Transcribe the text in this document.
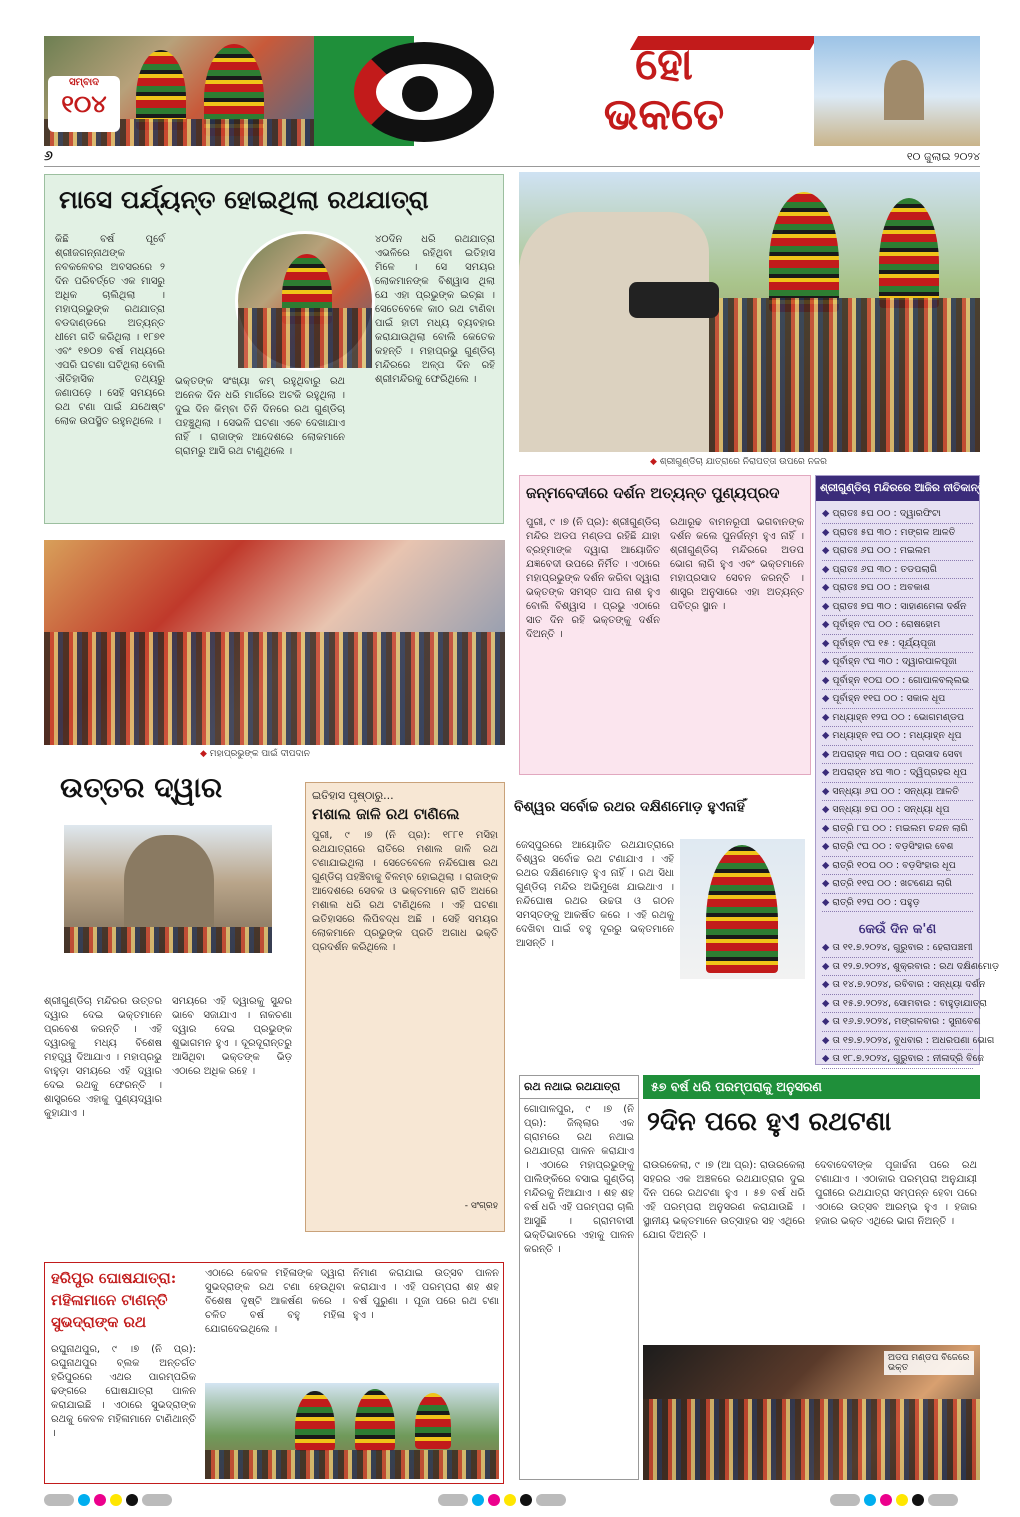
ସମ୍ବାଦ
୧୦୪
ହୋ
ଭକତେ
୬	୧୦ ଜୁଲାଇ ୨୦୨୪
ମାସେ ପର୍ଯ୍ୟନ୍ତ ହୋଇଥିଲା ରଥଯାତ୍ରା
କିଛି ବର୍ଷ ପୂର୍ବେ ଶ୍ରୀଜଗନ୍ନାଥଙ୍କ ନବକଳେବର ଅବସରରେ ୨ ଦିନ ପରିବର୍ତ୍ତେ ଏକ ମାସରୁ ଅଧିକ ଚାଲିଥିଲା । ମହାପ୍ରଭୁଙ୍କ ରଥଯାତ୍ରା ବଡଦାଣ୍ଡରେ ଅତ୍ୟନ୍ତ ଧୀମେ ଗତି କରିଥିଲା । ୧୮୭୧ ଏବଂ ୧୭୦୭ ବର୍ଷ ମଧ୍ୟରେ ଏପରି ଘଟଣା ଘଟିଥିଲା ବୋଲି ଐତିହାସିକ ତଥ୍ୟରୁ ଜଣାପଡ଼େ । ସେହି ସମୟରେ ରଥ ଟଣା ପାଇଁ ଯଥେଷ୍ଟ ଲୋକ ଉପସ୍ଥିତ ରହୁନଥିଲେ ।
ଭକ୍ତଙ୍କ ସଂଖ୍ୟା କମ୍ ରହୁଥିବାରୁ ରଥ ଅନେକ ଦିନ ଧରି ମାର୍ଗରେ ଅଟକି ରହୁଥିଲା । ଦୁଇ ଦିନ କିମ୍ବା ତିନି ଦିନରେ ରଥ ଗୁଣ୍ଡିଚା ପହଞ୍ଚୁଥିଲା । ସେଭଳି ଘଟଣା ଏବେ ଦେଖାଯାଏ ନାହିଁ । ରାଜାଙ୍କ ଆଦେଶରେ ଲୋକମାନେ ଗ୍ରାମରୁ ଆସି ରଥ ଟାଣୁଥିଲେ ।
୪୦ଦିନ ଧରି ରଥଯାତ୍ରା ଏଭଳିରେ ରହିଥିବା ଇତିହାସ ମିଳେ । ସେ ସମୟର ଲୋକମାନଙ୍କ ବିଶ୍ୱାସ ଥିଲା ଯେ ଏହା ପ୍ରଭୁଙ୍କ ଇଚ୍ଛା । ସେତେବେଳେ କାଠ ରଥ ଟାଣିବା ପାଇଁ ହାତୀ ମଧ୍ୟ ବ୍ୟବହାର କରାଯାଉଥିଲା ବୋଲି କେତେକ କହନ୍ତି । ମହାପ୍ରଭୁ ଗୁଣ୍ଡିଚା ମନ୍ଦିରରେ ଅଳ୍ପ ଦିନ ରହି ଶ୍ରୀମନ୍ଦିରକୁ ଫେରିଥିଲେ ।
◆ ଶ୍ରୀଗୁଣ୍ଡିଚା ଯାତ୍ରାରେ ନିରାପତ୍ତା ଉପରେ ନଜର
◆ ମହାପ୍ରଭୁଙ୍କ ପାଇଁ ଦୀପଦାନ
ଜନ୍ମବେଦୀରେ ଦର୍ଶନ ଅତ୍ୟନ୍ତ ପୁଣ୍ୟପ୍ରଦ
ପୁରୀ, ୯ ।୭ (ନି ପ୍ର): ଶ୍ରୀଗୁଣ୍ଡିଚା ମନ୍ଦିର ଅଡପ ମଣ୍ଡପ ରହିଛି ଯାହା ବ୍ରହ୍ମାଙ୍କ ଦ୍ୱାରା ଆୟୋଜିତ ଯଜ୍ଞବେଦୀ ଉପରେ ନିର୍ମିତ । ଏଠାରେ ମହାପ୍ରଭୁଙ୍କ ଦର୍ଶନ କରିବା ଦ୍ୱାରା ଭକ୍ତଙ୍କ ସମସ୍ତ ପାପ ନାଶ ହୁଏ ବୋଲି ବିଶ୍ୱାସ । ପ୍ରଭୁ ଏଠାରେ ସାତ ଦିନ ରହି ଭକ୍ତଙ୍କୁ ଦର୍ଶନ ଦିଅନ୍ତି ।
ରଥାରୂଢ ବାମନରୂପୀ ଭଗବାନଙ୍କ ଦର୍ଶନ କଲେ ପୁନର୍ଜନ୍ମ ହୁଏ ନାହିଁ । ଶ୍ରୀଗୁଣ୍ଡିଚା ମନ୍ଦିରରେ ଅଡପ ଭୋଗ ଲାଗି ହୁଏ ଏବଂ ଭକ୍ତମାନେ ମହାପ୍ରସାଦ ସେବନ କରନ୍ତି । ଶାସ୍ତ୍ର ଅନୁସାରେ ଏହା ଅତ୍ୟନ୍ତ ପବିତ୍ର ସ୍ଥାନ ।
ଶ୍ରୀଗୁଣ୍ଡିଚା ମନ୍ଦିରରେ ଆଜିର ନୀତିକାନ୍ତି
◆ ପ୍ରାତଃ ୫ଘ ୦୦ : ଦ୍ୱାରଫିଟା
◆ ପ୍ରାତଃ ୫ଘ ୩୦ : ମଙ୍ଗଳ ଆଳତି
◆ ପ୍ରାତଃ ୬ଘ ୦୦ : ମଇଲମ
◆ ପ୍ରାତଃ ୬ଘ ୩୦ : ତଡପଲାଗି
◆ ପ୍ରାତଃ ୭ଘ ୦୦ : ଅବକାଶ
◆ ପ୍ରାତଃ ୭ଘ ୩୦ : ସାହାଣମେଳା ଦର୍ଶନ
◆ ପୂର୍ବାହ୍ନ ୯ଘ ୦୦ : ରୋଷହୋମ
◆ ପୂର୍ବାହ୍ନ ୯ଘ ୧୫ : ସୂର୍ଯ୍ୟପୂଜା
◆ ପୂର୍ବାହ୍ନ ୯ଘ ୩୦ : ଦ୍ୱାରପାଳପୂଜା
◆ ପୂର୍ବାହ୍ନ ୧୦ଘ ୦୦ : ଗୋପାଳବଲ୍ଲଭ
◆ ପୂର୍ବାହ୍ନ ୧୧ଘ ୦୦ : ସକାଳ ଧୂପ
◆ ମଧ୍ୟାହ୍ନ ୧୨ଘ ୦୦ : ଭୋଗମଣ୍ଡପ
◆ ମଧ୍ୟାହ୍ନ ୧ଘ ୦୦ : ମଧ୍ୟାହ୍ନ ଧୂପ
◆ ଅପରାହ୍ନ ୩ଘ ୦୦ : ପ୍ରସାଦ ସେବା
◆ ଅପରାହ୍ନ ୪ଘ ୩୦ : ଦ୍ୱିପ୍ରହର ଧୂପ
◆ ସନ୍ଧ୍ୟା ୬ଘ ୦୦ : ସନ୍ଧ୍ୟା ଆଳତି
◆ ସନ୍ଧ୍ୟା ୭ଘ ୦୦ : ସନ୍ଧ୍ୟା ଧୂପ
◆ ରାତ୍ରି ୮ଘ ୦୦ : ମଇଲମ ଚନ୍ଦନ ଲାଗି
◆ ରାତ୍ରି ୯ଘ ୦୦ : ବଡ଼ସିଂହାର ବେଶ
◆ ରାତ୍ରି ୧୦ଘ ୦୦ : ବଡ଼ସିଂହାର ଧୂପ
◆ ରାତ୍ରି ୧୧ଘ ୦୦ : ଖଟଶେଯ ଲାଗି
◆ ରାତ୍ରି ୧୨ଘ ୦୦ : ପହୁଡ଼
କେଉଁ ଦିନ କ'ଣ
◆ ତା ୧୧.୭.୨୦୨୪, ଗୁରୁବାର : ହେରାପଞ୍ଚମୀ
◆ ତା ୧୨.୭.୨୦୨୪, ଶୁକ୍ରବାର : ରଥ ଦକ୍ଷିଣମୋଡ଼
◆ ତା ୧୪.୭.୨୦୨୪, ରବିବାର : ସନ୍ଧ୍ୟା ଦର୍ଶନ
◆ ତା ୧୫.୭.୨୦୨୪, ସୋମବାର : ବାହୁଡ଼ାଯାତ୍ରା
◆ ତା ୧୬.୭.୨୦୨୪, ମଙ୍ଗଳବାର : ସୁନାବେଶ
◆ ତା ୧୭.୭.୨୦୨୪, ବୁଧବାର : ଅଧରପଣା ଭୋଗ
◆ ତା ୧୮.୭.୨୦୨୪, ଗୁରୁବାର : ନୀଳାଦ୍ରି ବିଜେ
ଉତ୍ତର ଦ୍ୱାର
ଶ୍ରୀଗୁଣ୍ଡିଚା ମନ୍ଦିରର ଉତ୍ତର ଦ୍ୱାର ଦେଇ ଭକ୍ତମାନେ ପ୍ରବେଶ କରନ୍ତି । ଏହି ଦ୍ୱାରକୁ ମଧ୍ୟ ବିଶେଷ ମହତ୍ତ୍ୱ ଦିଆଯାଏ । ମହାପ୍ରଭୁ ବାହୁଡ଼ା ସମୟରେ ଏହି ଦ୍ୱାର ଦେଇ ରଥକୁ ଫେରନ୍ତି । ଶାସ୍ତ୍ରରେ ଏହାକୁ ପୁଣ୍ୟଦ୍ୱାର କୁହାଯାଏ ।
ସମୟରେ ଏହି ଦ୍ୱାରକୁ ସୁନ୍ଦର ଭାବେ ସଜାଯାଏ । ନାକଚଣା ଦ୍ୱାର ଦେଇ ପ୍ରଭୁଙ୍କ ଶୁଭାଗମନ ହୁଏ । ଦୂରଦୂରାନ୍ତରୁ ଆସିଥିବା ଭକ୍ତଙ୍କ ଭିଡ଼ ଏଠାରେ ଅଧିକ ରହେ ।
ଇତିହାସ ପୃଷ୍ଠାରୁ...
ମଶାଲ ଜାଳି ରଥ ଟାଣିଲେ
ପୁରୀ, ୯ ।୭ (ନି ପ୍ର): ୧୮୮୧ ମସିହା ରଥଯାତ୍ରାରେ ରାତିରେ ମଶାଲ ଜାଳି ରଥ ଟଣାଯାଇଥିଲା । ସେତେବେଳେ ନନ୍ଦିଘୋଷ ରଥ ଗୁଣ୍ଡିଚା ପହଞ୍ଚିବାକୁ ବିଳମ୍ବ ହୋଇଥିଲା । ରାଜାଙ୍କ ଆଦେଶରେ ସେବକ ଓ ଭକ୍ତମାନେ ରାତି ଅଧରେ ମଶାଲ ଧରି ରଥ ଟାଣିଥିଲେ । ଏହି ଘଟଣା ଇତିହାସରେ ଲିପିବଦ୍ଧ ଅଛି । ସେହି ସମୟର ଲୋକମାନେ ପ୍ରଭୁଙ୍କ ପ୍ରତି ଅଗାଧ ଭକ୍ତି ପ୍ରଦର୍ଶନ କରିଥିଲେ ।
- ସଂଗ୍ରହ
ବିଶ୍ୱର ସର୍ବୋଚ୍ଚ ରଥର ଦକ୍ଷିଣମୋଡ଼ ହୁଏନାହିଁ
ଜେସ୍ପୁରରେ ଆୟୋଜିତ ରଥଯାତ୍ରାରେ ବିଶ୍ୱର ସର୍ବୋଚ୍ଚ ରଥ ଟଣାଯାଏ । ଏହି ରଥର ଦକ୍ଷିଣମୋଡ଼ ହୁଏ ନାହିଁ । ରଥ ସିଧା ଗୁଣ୍ଡିଚା ମନ୍ଦିର ଅଭିମୁଖେ ଯାଇଥାଏ । ନନ୍ଦିଘୋଷ ରଥର ଉଚ୍ଚତା ଓ ଗଠନ ସମସ୍ତଙ୍କୁ ଆକର୍ଷିତ କରେ । ଏହି ରଥକୁ ଦେଖିବା ପାଇଁ ବହୁ ଦୂରରୁ ଭକ୍ତମାନେ ଆସନ୍ତି ।
ରଥ ନଥାଇ ରଥଯାତ୍ରା
ଗୋପାଳପୁର, ୯ ।୭ (ନି ପ୍ର): ଜିଲ୍ଲାର ଏକ ଗ୍ରାମରେ ରଥ ନଥାଇ ରଥଯାତ୍ରା ପାଳନ କରାଯାଏ । ଏଠାରେ ମହାପ୍ରଭୁଙ୍କୁ ପାଲିଙ୍କିରେ ବସାଇ ଗୁଣ୍ଡିଚା ମନ୍ଦିରକୁ ନିଆଯାଏ । ଶହ ଶହ ବର୍ଷ ଧରି ଏହି ପରମ୍ପରା ଚାଲି ଆସୁଛି । ଗ୍ରାମବାସୀ ଭକ୍ତିଭାବରେ ଏହାକୁ ପାଳନ କରନ୍ତି ।
୫୭ ବର୍ଷ ଧରି ପରମ୍ପରାକୁ ଅନୁସରଣ
୨ଦିନ ପରେ ହୁଏ ରଥଟଣା
ରାଉରକେଲା, ୯ ।୭ (ଆ ପ୍ର): ରାଉରକେଲା ସହରର ଏକ ଅଞ୍ଚଳରେ ରଥଯାତ୍ରାର ଦୁଇ ଦିନ ପରେ ରଥଟଣା ହୁଏ । ୫୭ ବର୍ଷ ଧରି ଏହି ପରମ୍ପରା ଅନୁସରଣ କରାଯାଉଛି । ସ୍ଥାନୀୟ ଭକ୍ତମାନେ ଉତ୍ସାହର ସହ ଏଥିରେ ଯୋଗ ଦିଅନ୍ତି ।
ଦେବାଦେବୀଙ୍କ ପୂଜାର୍ଚ୍ଚନା ପରେ ରଥ ଟଣାଯାଏ । ଏଠାକାର ପରମ୍ପରା ଅନୁଯାୟୀ ପୁରୀରେ ରଥଯାତ୍ରା ସମ୍ପନ୍ନ ହେବା ପରେ ଏଠାରେ ଉତ୍ସବ ଆରମ୍ଭ ହୁଏ । ହଜାର ହଜାର ଭକ୍ତ ଏଥିରେ ଭାଗ ନିଅନ୍ତି ।
ଅଡପ ମଣ୍ଡପ ବିଜେରେ ଭକ୍ତ
ହରିପୁର ଘୋଷଯାତ୍ରା:
ମହିଳାମାନେ ଟାଣନ୍ତି
ସୁଭଦ୍ରାଙ୍କ ରଥ
ରଘୁନାଥପୁର, ୯ ।୭ (ନି ପ୍ର): ରଘୁନାଥପୁର ବ୍ଲକ ଅନ୍ତର୍ଗତ ହରିପୁରରେ ଏଥର ପାରମ୍ପରିକ ଢଙ୍ଗରେ ଘୋଷଯାତ୍ରା ପାଳନ କରାଯାଇଛି । ଏଠାରେ ସୁଭଦ୍ରାଙ୍କ ରଥକୁ କେବଳ ମହିଳାମାନେ ଟାଣିଥାନ୍ତି ।
ଏଠାରେ କେବଳ ମହିଳାଙ୍କ ଦ୍ୱାରା ସୁଭଦ୍ରାଙ୍କ ରଥ ଟଣା ହେଉଥିବା ବିଶେଷ ଦୃଷ୍ଟି ଆକର୍ଷଣ କରେ । ଚଳିତ ବର୍ଷ ବହୁ ମହିଳା ଯୋଗଦେଇଥିଲେ ।
ନିମାଣ କରାଯାଇ ଉତ୍ସବ ପାଳନ କରାଯାଏ । ଏହି ପରମ୍ପରା ଶହ ଶହ ବର୍ଷ ପୁରୁଣା । ପୂଜା ପରେ ରଥ ଟଣା ହୁଏ ।
